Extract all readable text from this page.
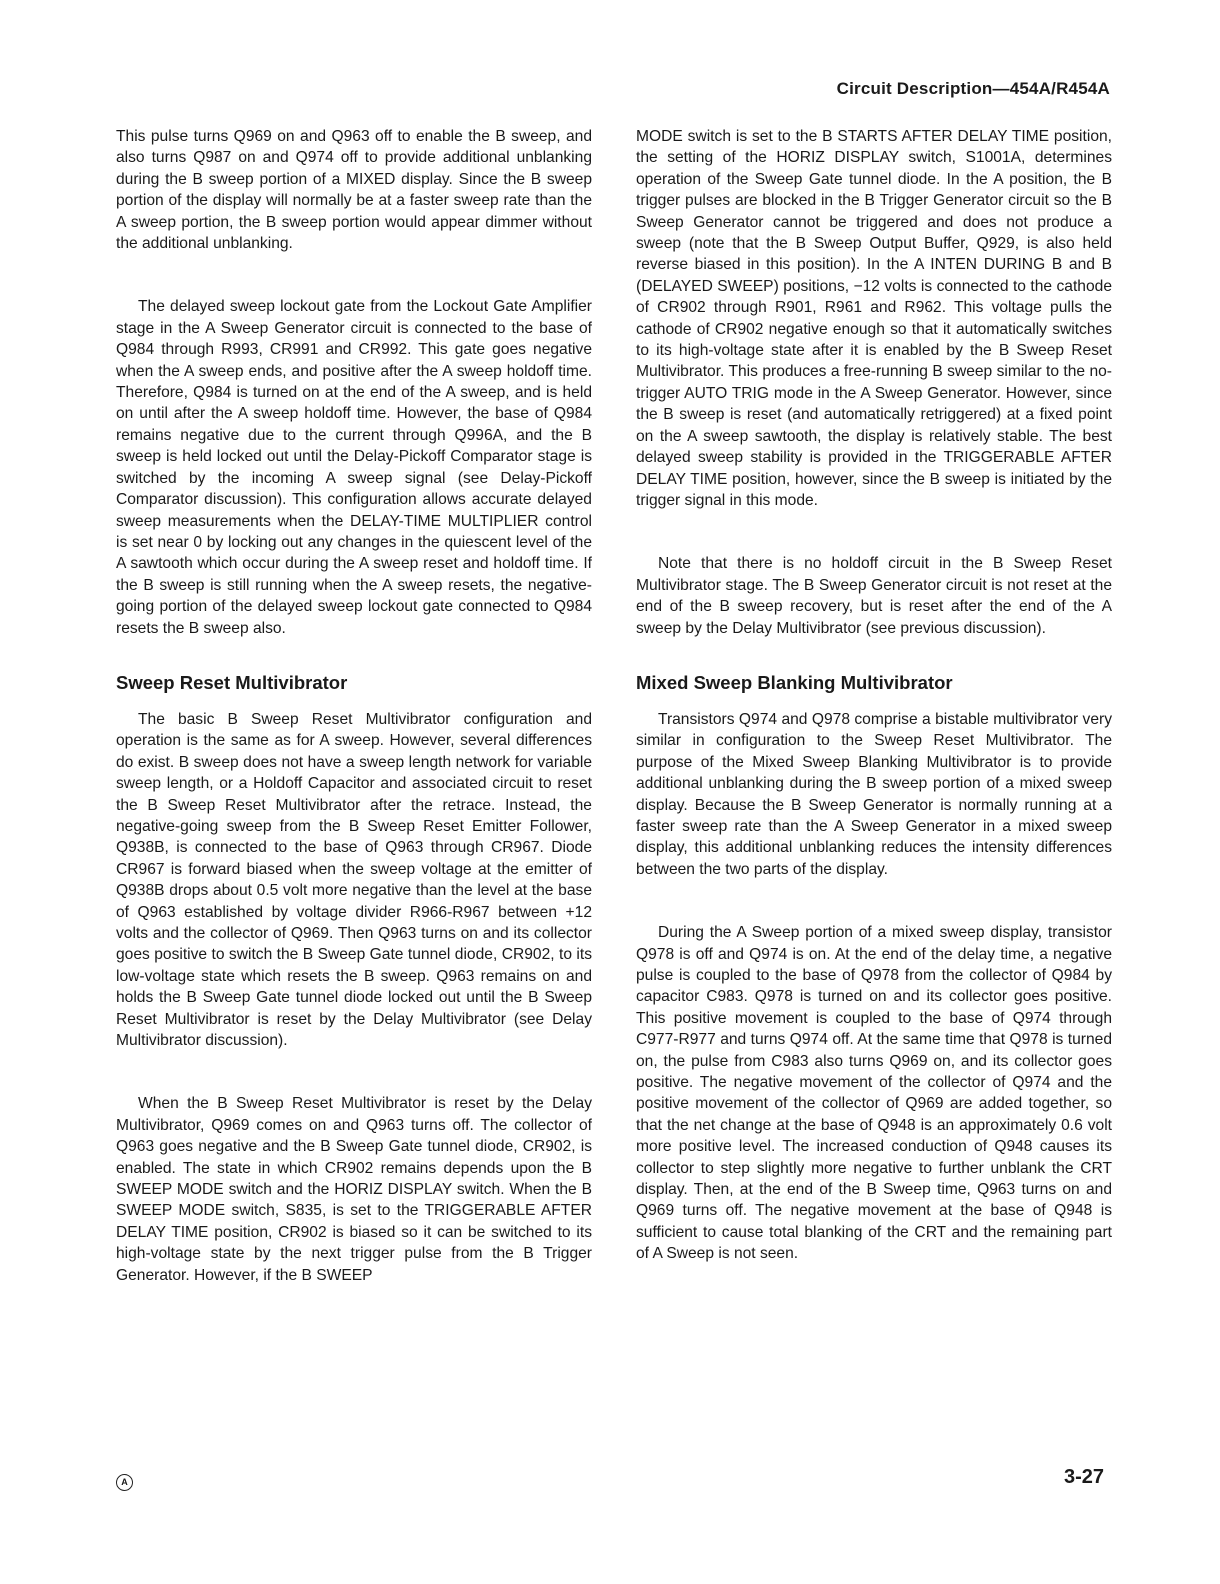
Circuit Description—454A/R454A

This pulse turns Q969 on and Q963 off to enable the B sweep, and also turns Q987 on and Q974 off to provide additional unblanking during the B sweep portion of a MIXED display. Since the B sweep portion of the display will normally be at a faster sweep rate than the A sweep portion, the B sweep portion would appear dimmer without the additional unblanking.

The delayed sweep lockout gate from the Lockout Gate Amplifier stage in the A Sweep Generator circuit is connected to the base of Q984 through R993, CR991 and CR992. This gate goes negative when the A sweep ends, and positive after the A sweep holdoff time. Therefore, Q984 is turned on at the end of the A sweep, and is held on until after the A sweep holdoff time. However, the base of Q984 remains negative due to the current through Q996A, and the B sweep is held locked out until the Delay-Pickoff Comparator stage is switched by the incoming A sweep signal (see Delay-Pickoff Comparator discussion). This configuration allows accurate delayed sweep measurements when the DELAY-TIME MULTIPLIER control is set near 0 by locking out any changes in the quiescent level of the A sawtooth which occur during the A sweep reset and holdoff time. If the B sweep is still running when the A sweep resets, the negative-going portion of the delayed sweep lockout gate connected to Q984 resets the B sweep also.

Sweep Reset Multivibrator

The basic B Sweep Reset Multivibrator configuration and operation is the same as for A sweep. However, several differences do exist. B sweep does not have a sweep length network for variable sweep length, or a Holdoff Capacitor and associated circuit to reset the B Sweep Reset Multivibrator after the retrace. Instead, the negative-going sweep from the B Sweep Reset Emitter Follower, Q938B, is connected to the base of Q963 through CR967. Diode CR967 is forward biased when the sweep voltage at the emitter of Q938B drops about 0.5 volt more negative than the level at the base of Q963 established by voltage divider R966-R967 between +12 volts and the collector of Q969. Then Q963 turns on and its collector goes positive to switch the B Sweep Gate tunnel diode, CR902, to its low-voltage state which resets the B sweep. Q963 remains on and holds the B Sweep Gate tunnel diode locked out until the B Sweep Reset Multivibrator is reset by the Delay Multivibrator (see Delay Multivibrator discussion).

When the B Sweep Reset Multivibrator is reset by the Delay Multivibrator, Q969 comes on and Q963 turns off. The collector of Q963 goes negative and the B Sweep Gate tunnel diode, CR902, is enabled. The state in which CR902 remains depends upon the B SWEEP MODE switch and the HORIZ DISPLAY switch. When the B SWEEP MODE switch, S835, is set to the TRIGGERABLE AFTER DELAY TIME position, CR902 is biased so it can be switched to its high-voltage state by the next trigger pulse from the B Trigger Generator. However, if the B SWEEP

MODE switch is set to the B STARTS AFTER DELAY TIME position, the setting of the HORIZ DISPLAY switch, S1001A, determines operation of the Sweep Gate tunnel diode. In the A position, the B trigger pulses are blocked in the B Trigger Generator circuit so the B Sweep Generator cannot be triggered and does not produce a sweep (note that the B Sweep Output Buffer, Q929, is also held reverse biased in this position). In the A INTEN DURING B and B (DELAYED SWEEP) positions, −12 volts is connected to the cathode of CR902 through R901, R961 and R962. This voltage pulls the cathode of CR902 negative enough so that it automatically switches to its high-voltage state after it is enabled by the B Sweep Reset Multivibrator. This produces a free-running B sweep similar to the no-trigger AUTO TRIG mode in the A Sweep Generator. However, since the B sweep is reset (and automatically retriggered) at a fixed point on the A sweep sawtooth, the display is relatively stable. The best delayed sweep stability is provided in the TRIGGERABLE AFTER DELAY TIME position, however, since the B sweep is initiated by the trigger signal in this mode.

Note that there is no holdoff circuit in the B Sweep Reset Multivibrator stage. The B Sweep Generator circuit is not reset at the end of the B sweep recovery, but is reset after the end of the A sweep by the Delay Multivibrator (see previous discussion).

Mixed Sweep Blanking Multivibrator

Transistors Q974 and Q978 comprise a bistable multivibrator very similar in configuration to the Sweep Reset Multivibrator. The purpose of the Mixed Sweep Blanking Multivibrator is to provide additional unblanking during the B sweep portion of a mixed sweep display. Because the B Sweep Generator is normally running at a faster sweep rate than the A Sweep Generator in a mixed sweep display, this additional unblanking reduces the intensity differences between the two parts of the display.

During the A Sweep portion of a mixed sweep display, transistor Q978 is off and Q974 is on. At the end of the delay time, a negative pulse is coupled to the base of Q978 from the collector of Q984 by capacitor C983. Q978 is turned on and its collector goes positive. This positive movement is coupled to the base of Q974 through C977-R977 and turns Q974 off. At the same time that Q978 is turned on, the pulse from C983 also turns Q969 on, and its collector goes positive. The negative movement of the collector of Q974 and the positive movement of the collector of Q969 are added together, so that the net change at the base of Q948 is an approximately 0.6 volt more positive level. The increased conduction of Q948 causes its collector to step slightly more negative to further unblank the CRT display. Then, at the end of the B Sweep time, Q963 turns on and Q969 turns off. The negative movement at the base of Q948 is sufficient to cause total blanking of the CRT and the remaining part of A Sweep is not seen.

A	3-27
